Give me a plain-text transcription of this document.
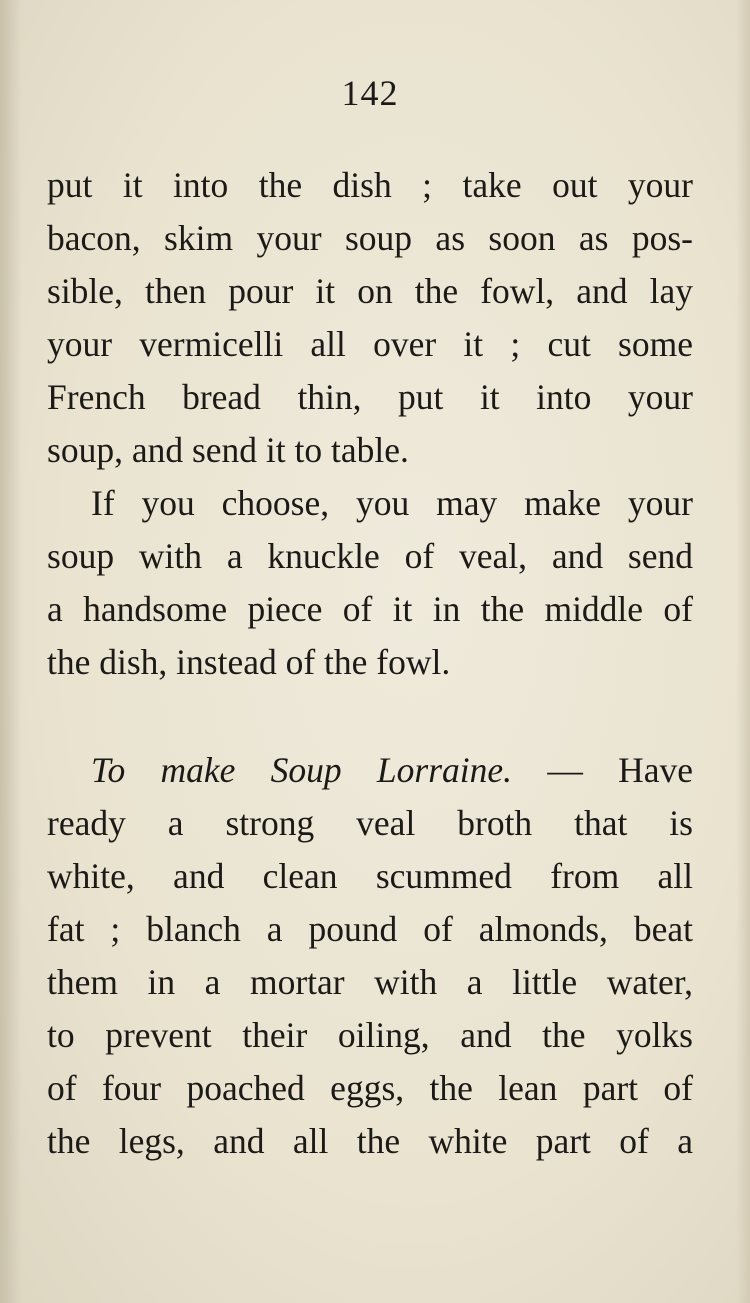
142
put it into the dish ; take out your
bacon, skim your soup as soon as pos-
sible, then pour it on the fowl, and lay
your vermicelli all over it ; cut some
French bread thin, put it into your
soup, and send it to table.
If you choose, you may make your
soup with a knuckle of veal, and send
a handsome piece of it in the middle of
the dish, instead of the fowl.
To make Soup Lorraine. — Have
ready a strong veal broth that is
white, and clean scummed from all
fat ; blanch a pound of almonds, beat
them in a mortar with a little water,
to prevent their oiling, and the yolks
of four poached eggs, the lean part of
the legs, and all the white part of a
